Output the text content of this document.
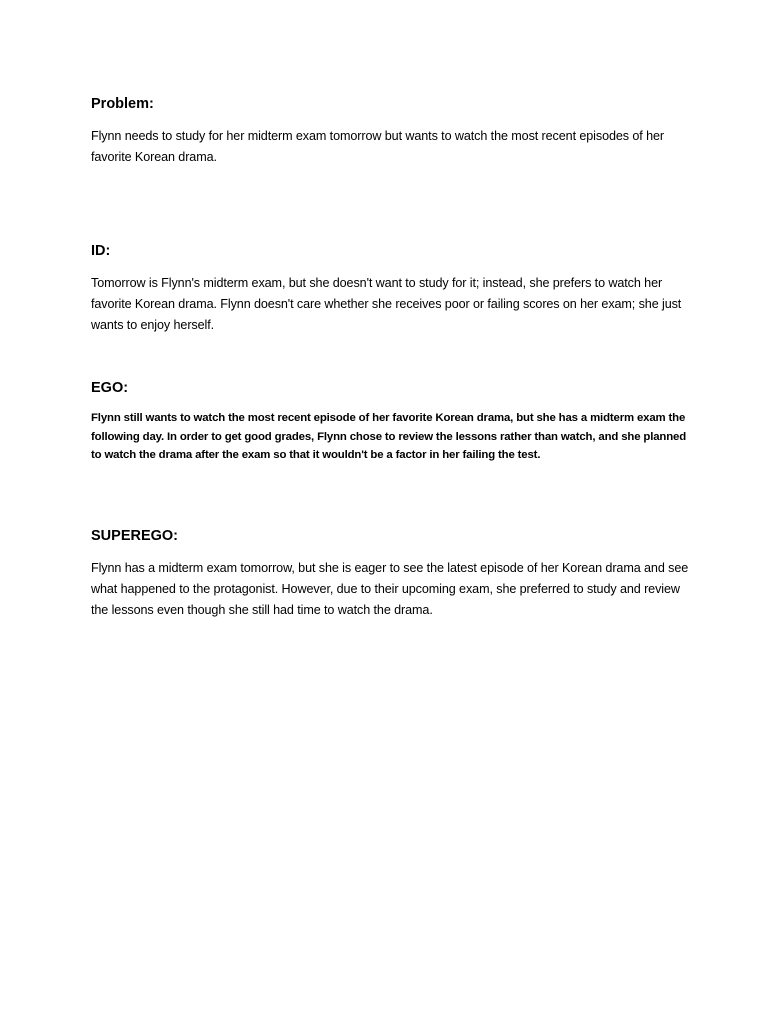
Problem:

Flynn needs to study for her midterm exam tomorrow but wants to watch the most recent episodes of her favorite Korean drama.

ID:

Tomorrow is Flynn's midterm exam, but she doesn't want to study for it; instead, she prefers to watch her favorite Korean drama. Flynn doesn't care whether she receives poor or failing scores on her exam; she just wants to enjoy herself.

EGO:

Flynn still wants to watch the most recent episode of her favorite Korean drama, but she has a midterm exam the following day. In order to get good grades, Flynn chose to review the lessons rather than watch, and she planned to watch the drama after the exam so that it wouldn't be a factor in her failing the test.

SUPEREGO:

Flynn has a midterm exam tomorrow, but she is eager to see the latest episode of her Korean drama and see what happened to the protagonist. However, due to their upcoming exam, she preferred to study and review the lessons even though she still had time to watch the drama.
